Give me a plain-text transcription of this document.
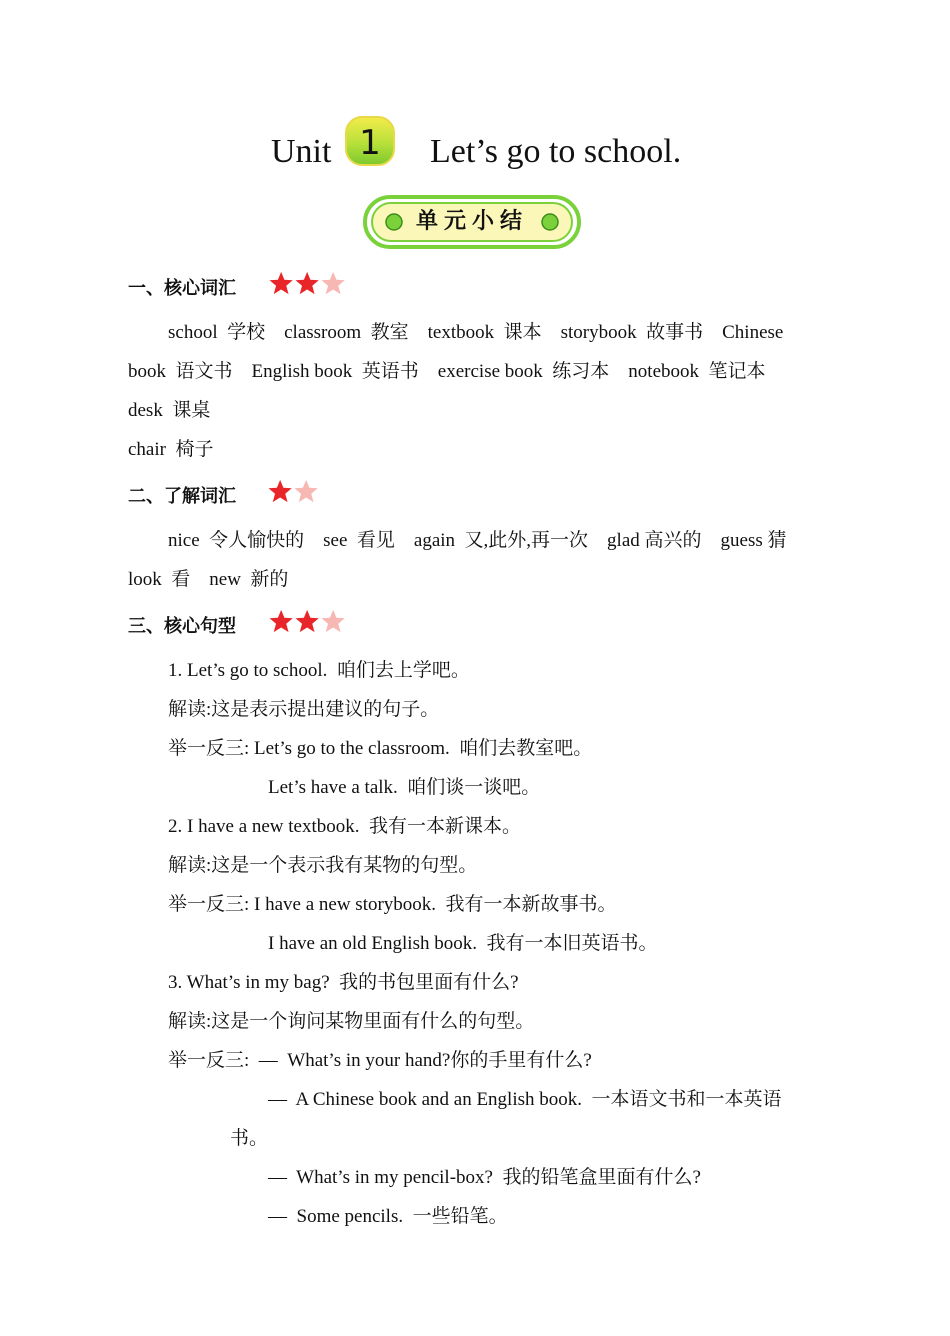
Unit 1 Let’s go to school.
单元小结
一、核心词汇
school  学校    classroom  教室    textbook  课本    storybook  故事书    Chinese
book  语文书    English book  英语书    exercise book  练习本    notebook  笔记本
desk  课桌
chair  椅子
二、了解词汇
nice  令人愉快的    see  看见    again  又,此外,再一次    glad 高兴的    guess 猜
look  看    new  新的
三、核心句型
1. Let’s go to school.  咱们去上学吧。
解读:这是表示提出建议的句子。
举一反三: Let’s go to the classroom.  咱们去教室吧。
Let’s have a talk.  咱们谈一谈吧。
2. I have a new textbook.  我有一本新课本。
解读:这是一个表示我有某物的句型。
举一反三: I have a new storybook.  我有一本新故事书。
I have an old English book.  我有一本旧英语书。
3. What’s in my bag?  我的书包里面有什么?
解读:这是一个询问某物里面有什么的句型。
举一反三:  —  What’s in your hand?你的手里有什么?
—  A Chinese book and an English book.  一本语文书和一本英语
书。
—  What’s in my pencil-box?  我的铅笔盒里面有什么?
—  Some pencils.  一些铅笔。
